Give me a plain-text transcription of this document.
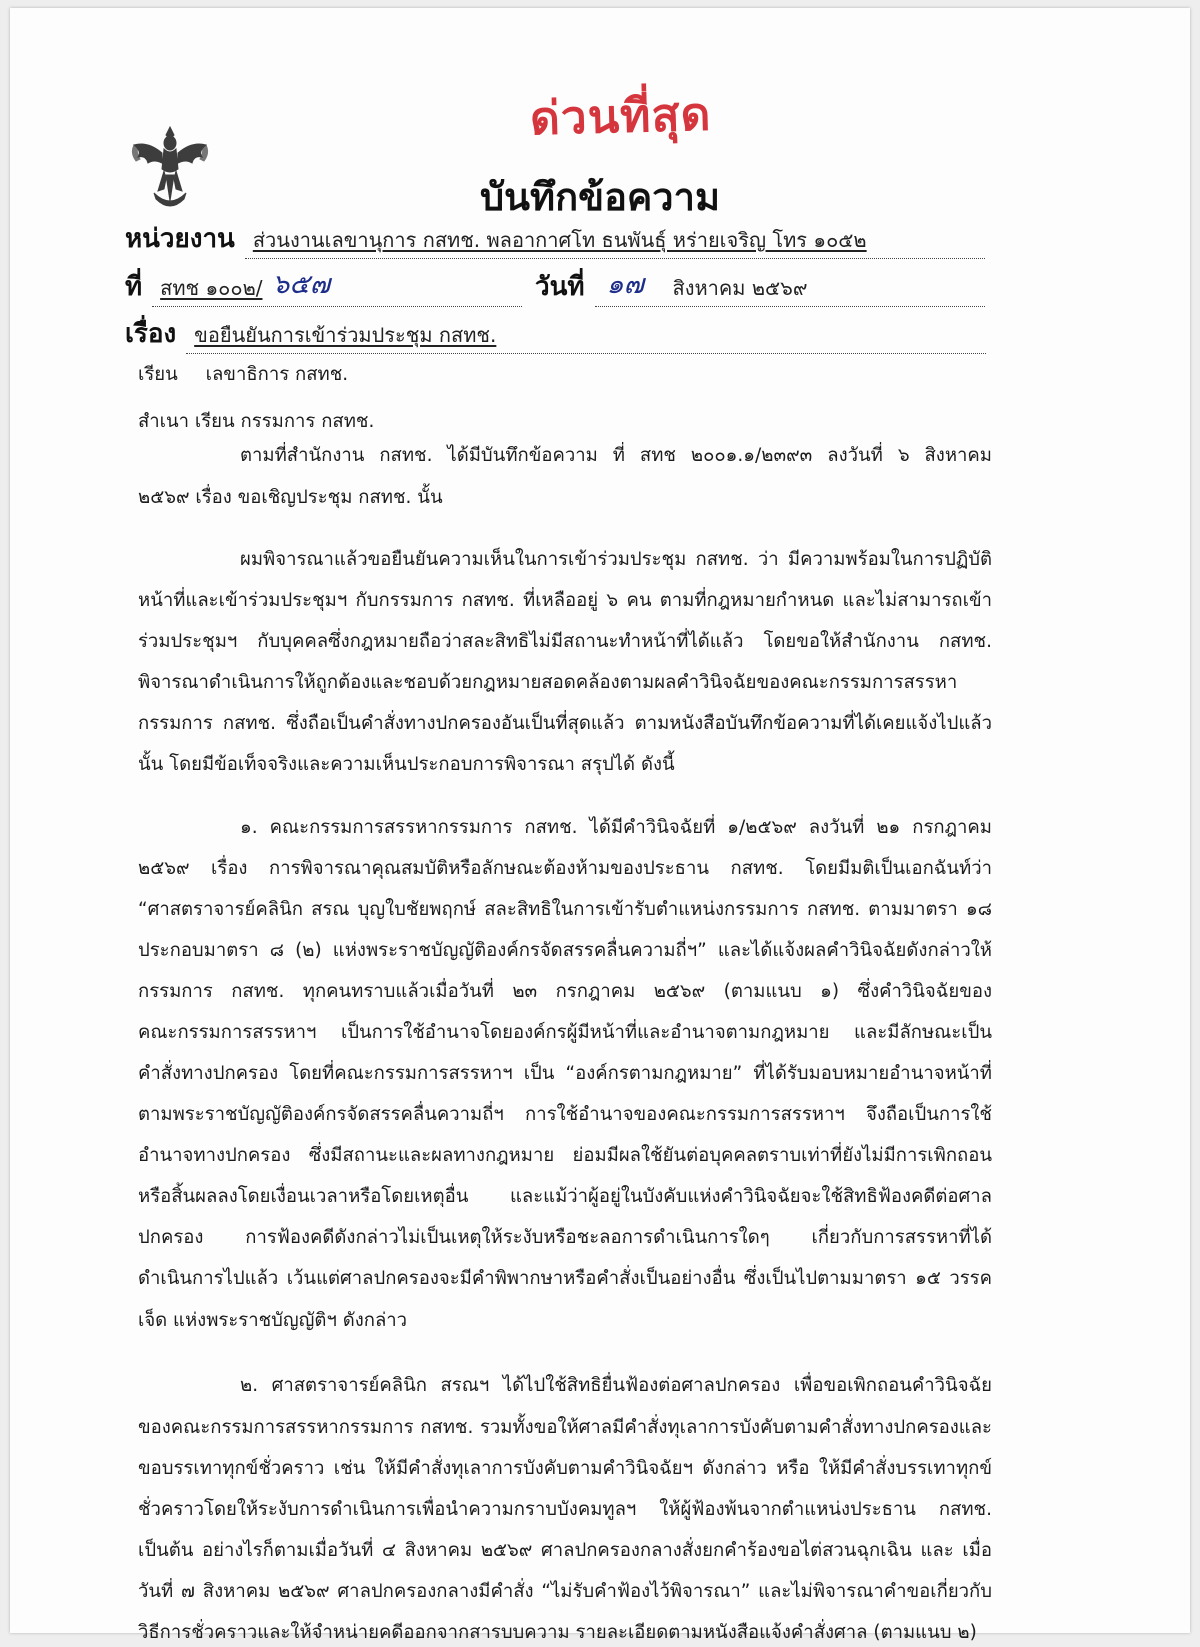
ด่วนที่สุด
บันทึกข้อความ
หน่วยงาน ส่วนงานเลขานุการ กสทช. พลอากาศโท ธนพันธุ์ หร่ายเจริญ โทร ๑๐๕๒
ที่ สทช ๑๐๐๒/ ๖๕๗	วันที่ ๑๗ สิงหาคม ๒๕๖๙
เรื่อง ขอยืนยันการเข้าร่วมประชุม กสทช.
เรียน เลขาธิการ กสทช.
สำเนา เรียน กรรมการ กสทช.
ตามที่สำนักงาน กสทช. ได้มีบันทึกข้อความ ที่ สทช ๒๐๐๑.๑/๒๓๙๓ ลงวันที่ ๖ สิงหาคม
๒๕๖๙ เรื่อง ขอเชิญประชุม กสทช. นั้น
ผมพิจารณาแล้วขอยืนยันความเห็นในการเข้าร่วมประชุม กสทช. ว่า มีความพร้อมในการปฏิบัติ
หน้าที่และเข้าร่วมประชุมฯ กับกรรมการ กสทช. ที่เหลืออยู่ ๖ คน ตามที่กฎหมายกำหนด และไม่สามารถเข้า
ร่วมประชุมฯ กับบุคคลซึ่งกฎหมายถือว่าสละสิทธิไม่มีสถานะทำหน้าที่ได้แล้ว โดยขอให้สำนักงาน กสทช.
พิจารณาดำเนินการให้ถูกต้องและชอบด้วยกฎหมายสอดคล้องตามผลคำวินิจฉัยของคณะกรรมการสรรหา
กรรมการ กสทช. ซึ่งถือเป็นคำสั่งทางปกครองอันเป็นที่สุดแล้ว ตามหนังสือบันทึกข้อความที่ได้เคยแจ้งไปแล้ว
นั้น โดยมีข้อเท็จจริงและความเห็นประกอบการพิจารณา สรุปได้ ดังนี้
๑. คณะกรรมการสรรหากรรมการ กสทช. ได้มีคำวินิจฉัยที่ ๑/๒๕๖๙ ลงวันที่ ๒๑ กรกฎาคม
๒๕๖๙ เรื่อง การพิจารณาคุณสมบัติหรือลักษณะต้องห้ามของประธาน กสทช. โดยมีมติเป็นเอกฉันท์ว่า
“ศาสตราจารย์คลินิก สรณ บุญใบชัยพฤกษ์ สละสิทธิในการเข้ารับตำแหน่งกรรมการ กสทช. ตามมาตรา ๑๘
ประกอบมาตรา ๘ (๒) แห่งพระราชบัญญัติองค์กรจัดสรรคลื่นความถี่ฯ” และได้แจ้งผลคำวินิจฉัยดังกล่าวให้
กรรมการ กสทช. ทุกคนทราบแล้วเมื่อวันที่ ๒๓ กรกฎาคม ๒๕๖๙ (ตามแนบ ๑) ซึ่งคำวินิจฉัยของ
คณะกรรมการสรรหาฯ เป็นการใช้อำนาจโดยองค์กรผู้มีหน้าที่และอำนาจตามกฎหมาย และมีลักษณะเป็น
คำสั่งทางปกครอง โดยที่คณะกรรมการสรรหาฯ เป็น “องค์กรตามกฎหมาย” ที่ได้รับมอบหมายอำนาจหน้าที่
ตามพระราชบัญญัติองค์กรจัดสรรคลื่นความถี่ฯ การใช้อำนาจของคณะกรรมการสรรหาฯ จึงถือเป็นการใช้
อำนาจทางปกครอง ซึ่งมีสถานะและผลทางกฎหมาย ย่อมมีผลใช้ยันต่อบุคคลตราบเท่าที่ยังไม่มีการเพิกถอน
หรือสิ้นผลลงโดยเงื่อนเวลาหรือโดยเหตุอื่น และแม้ว่าผู้อยู่ในบังคับแห่งคำวินิจฉัยจะใช้สิทธิฟ้องคดีต่อศาล
ปกครอง การฟ้องคดีดังกล่าวไม่เป็นเหตุให้ระงับหรือชะลอการดำเนินการใดๆ เกี่ยวกับการสรรหาที่ได้
ดำเนินการไปแล้ว เว้นแต่ศาลปกครองจะมีคำพิพากษาหรือคำสั่งเป็นอย่างอื่น ซึ่งเป็นไปตามมาตรา ๑๕ วรรค
เจ็ด แห่งพระราชบัญญัติฯ ดังกล่าว
๒. ศาสตราจารย์คลินิก สรณฯ ได้ไปใช้สิทธิยื่นฟ้องต่อศาลปกครอง เพื่อขอเพิกถอนคำวินิจฉัย
ของคณะกรรมการสรรหากรรมการ กสทช. รวมทั้งขอให้ศาลมีคำสั่งทุเลาการบังคับตามคำสั่งทางปกครองและ
ขอบรรเทาทุกข์ชั่วคราว เช่น ให้มีคำสั่งทุเลาการบังคับตามคำวินิจฉัยฯ ดังกล่าว หรือ ให้มีคำสั่งบรรเทาทุกข์
ชั่วคราวโดยให้ระงับการดำเนินการเพื่อนำความกราบบังคมทูลฯ ให้ผู้ฟ้องพ้นจากตำแหน่งประธาน กสทช.
เป็นต้น อย่างไรก็ตามเมื่อวันที่ ๔ สิงหาคม ๒๕๖๙ ศาลปกครองกลางสั่งยกคำร้องขอไต่สวนฉุกเฉิน และ เมื่อ
วันที่ ๗ สิงหาคม ๒๕๖๙ ศาลปกครองกลางมีคำสั่ง “ไม่รับคำฟ้องไว้พิจารณา” และไม่พิจารณาคำขอเกี่ยวกับ
วิธีการชั่วคราวและให้จำหน่ายคดีออกจากสารบบความ รายละเอียดตามหนังสือแจ้งคำสั่งศาล (ตามแนบ ๒)
